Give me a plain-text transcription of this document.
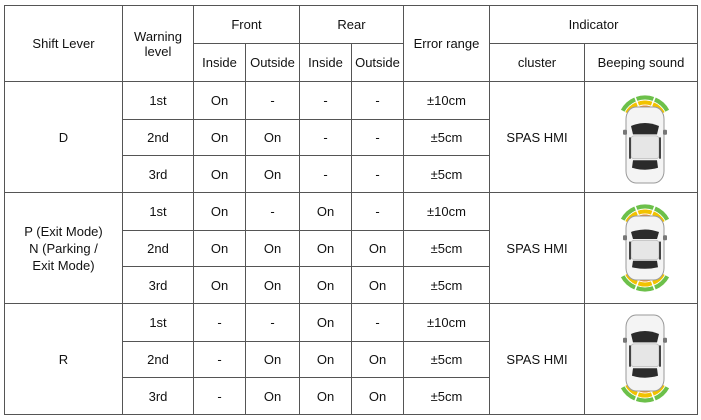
Shift Lever	Warning level	Front		Rear		Error range	Indicator	
		Inside	Outside	Inside	Outside		cluster	Beeping sound

D	1st	On	-	-	-	±10cm	SPAS HMI	

	2nd	On	On	-	-	±5cm		
	3rd	On	On	-	-	±5cm		

P (Exit Mode)
N (Parking /
Exit Mode)	1st	On	-	On	-	±10cm	SPAS HMI	

	2nd	On	On	On	On	±5cm		
	3rd	On	On	On	On	±5cm		

R	1st	-	-	On	-	±10cm	SPAS HMI	

	2nd	-	On	On	On	±5cm		
	3rd	-	On	On	On	±5cm		
